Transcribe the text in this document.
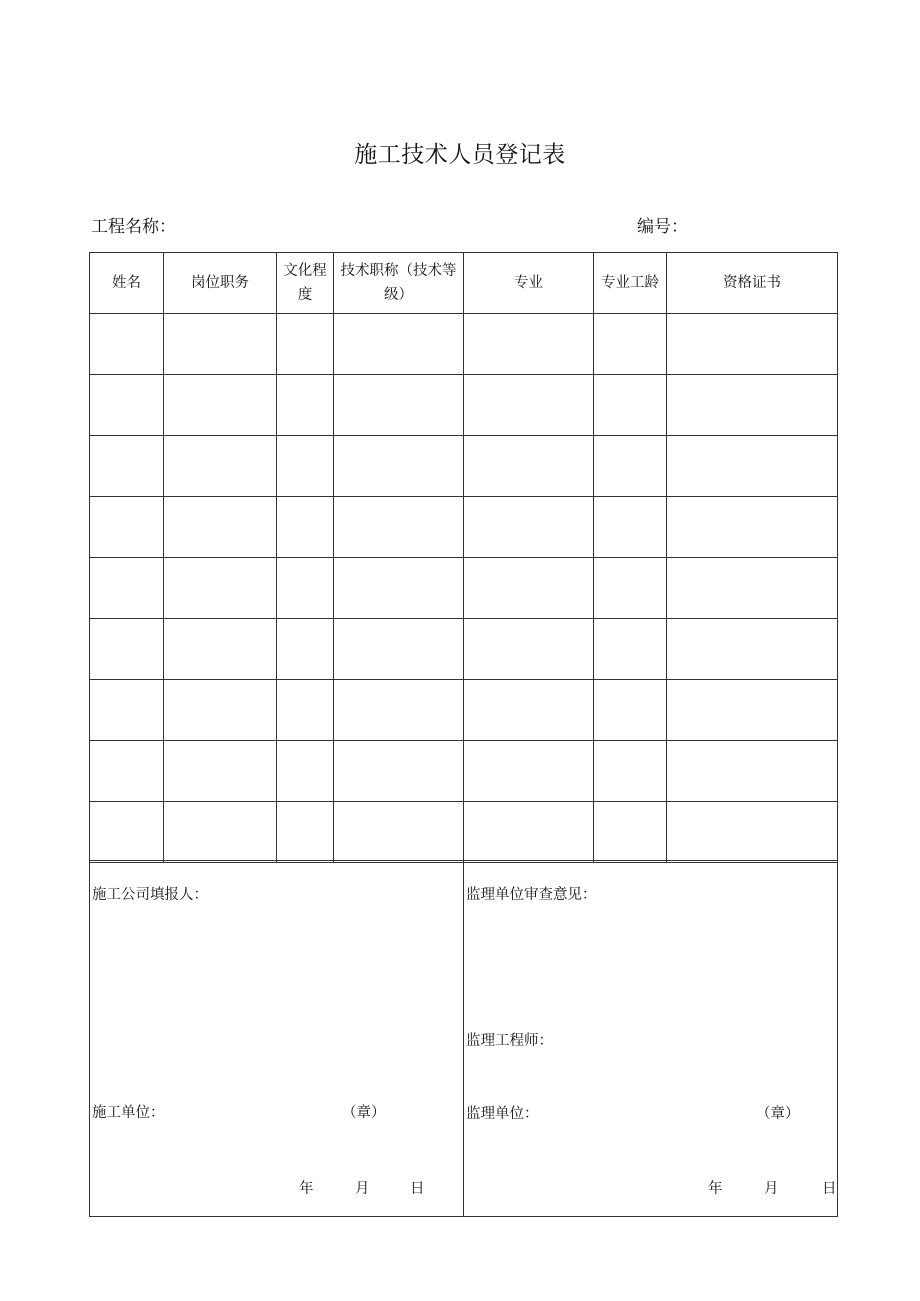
施工技术人员登记表
工程名称：	编号：
姓名	岗位职务	文化程度	技术职称（技术等级）	专业	专业工龄	资格证书

施工公司填报人：
施工单位：	（章）
年	月	日

监理单位审查意见：
监理工程师：
监理单位：	（章）
年	月	日
